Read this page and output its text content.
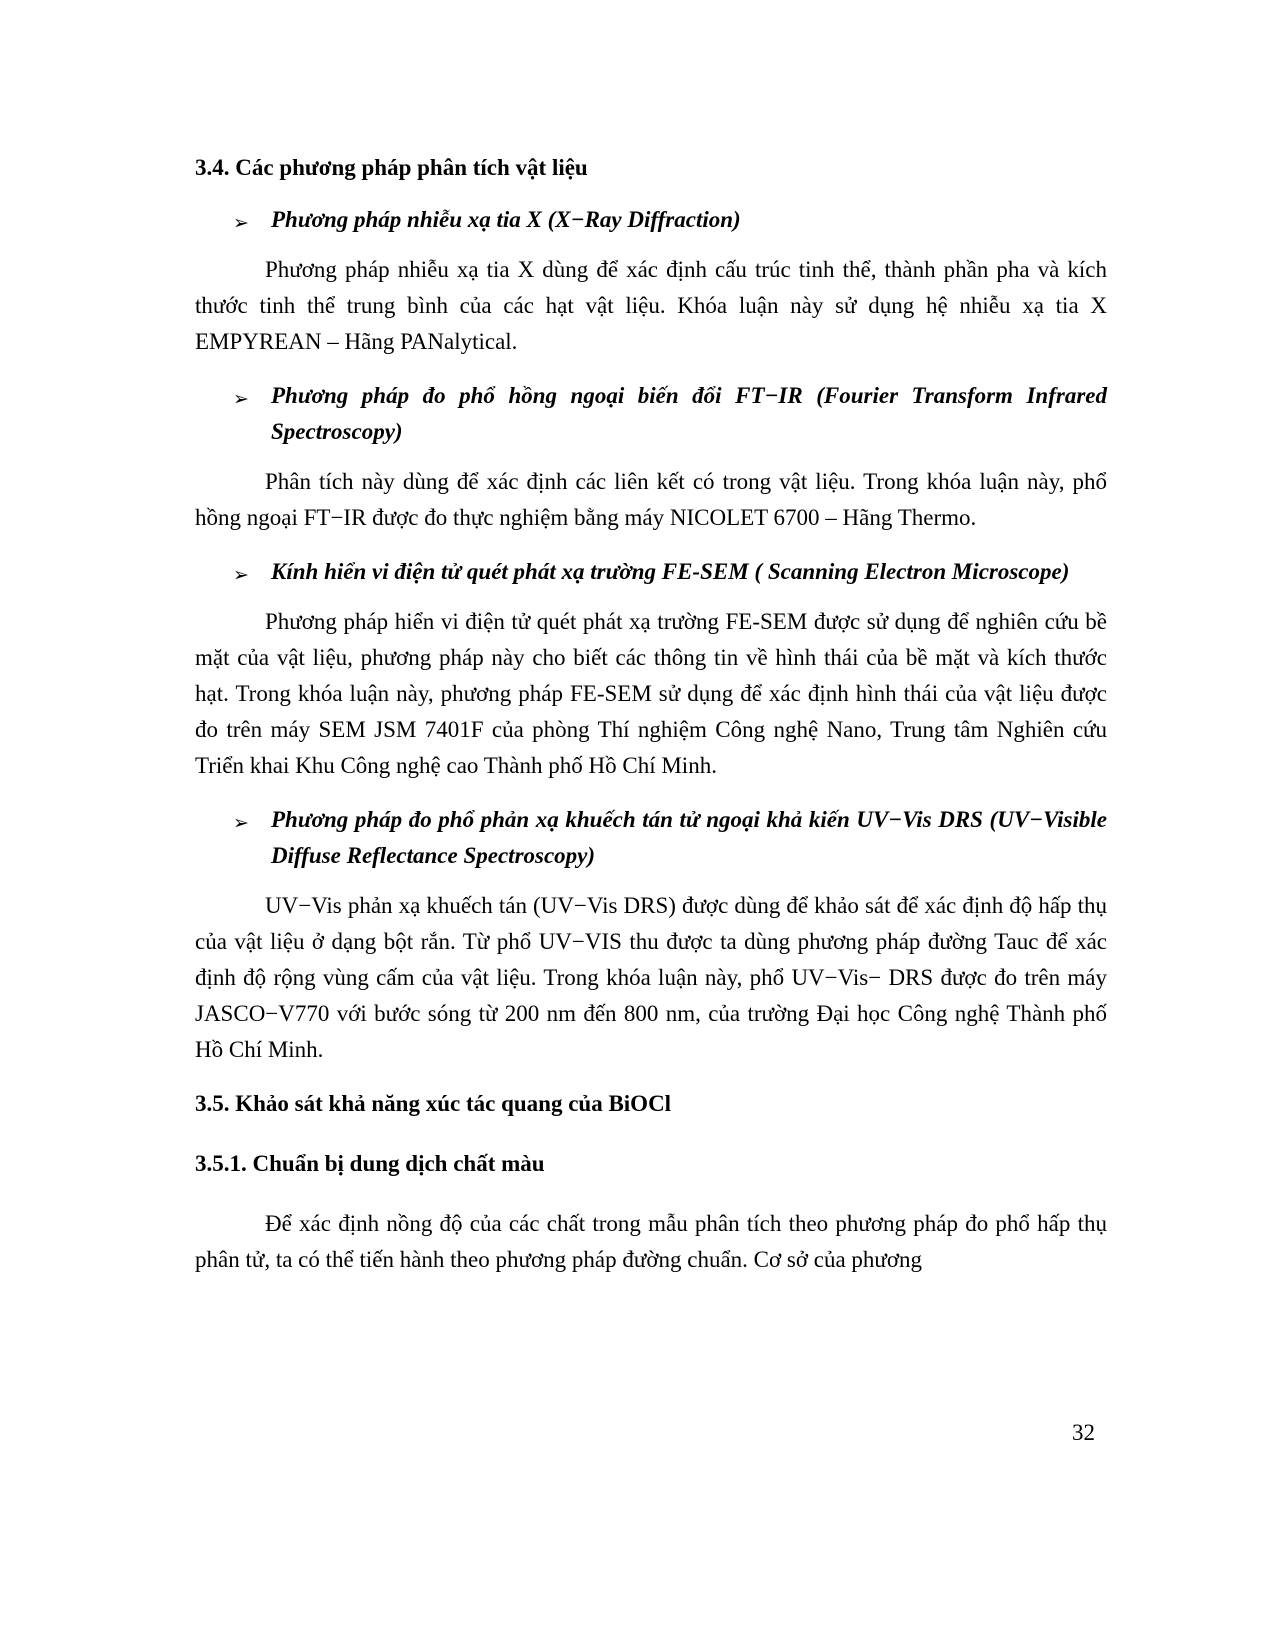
3.4. Các phương pháp phân tích vật liệu
➢ Phương pháp nhiễu xạ tia X (X−Ray Diffraction)

Phương pháp nhiễu xạ tia X dùng để xác định cấu trúc tinh thể, thành phần pha và kích thước tinh thể trung bình của các hạt vật liệu. Khóa luận này sử dụng hệ nhiễu xạ tia X EMPYREAN – Hãng PANalytical.

➢ Phương pháp đo phổ hồng ngoại biến đổi FT−IR (Fourier Transform Infrared Spectroscopy)

Phân tích này dùng để xác định các liên kết có trong vật liệu. Trong khóa luận này, phổ hồng ngoại FT−IR được đo thực nghiệm bằng máy NICOLET 6700 – Hãng Thermo.

➢ Kính hiển vi điện tử quét phát xạ trường FE-SEM ( Scanning Electron Microscope)

Phương pháp hiển vi điện tử quét phát xạ trường FE-SEM được sử dụng để nghiên cứu bề mặt của vật liệu, phương pháp này cho biết các thông tin về hình thái của bề mặt và kích thước hạt. Trong khóa luận này, phương pháp FE-SEM sử dụng để xác định hình thái của vật liệu được đo trên máy SEM JSM 7401F của phòng Thí nghiệm Công nghệ Nano, Trung tâm Nghiên cứu Triển khai Khu Công nghệ cao Thành phố Hồ Chí Minh.

➢ Phương pháp đo phổ phản xạ khuếch tán tử ngoại khả kiến UV−Vis DRS (UV−Visible Diffuse Reflectance Spectroscopy)

UV−Vis phản xạ khuếch tán (UV−Vis DRS) được dùng để khảo sát để xác định độ hấp thụ của vật liệu ở dạng bột rắn. Từ phổ UV−VIS thu được ta dùng phương pháp đường Tauc để xác định độ rộng vùng cấm của vật liệu. Trong khóa luận này, phổ UV−Vis− DRS được đo trên máy JASCO−V770 với bước sóng từ 200 nm đến 800 nm, của trường Đại học Công nghệ Thành phố Hồ Chí Minh.

3.5. Khảo sát khả năng xúc tác quang của BiOCl
3.5.1. Chuẩn bị dung dịch chất màu

Để xác định nồng độ của các chất trong mẫu phân tích theo phương pháp đo phổ hấp thụ phân tử, ta có thể tiến hành theo phương pháp đường chuẩn. Cơ sở của phương

32
